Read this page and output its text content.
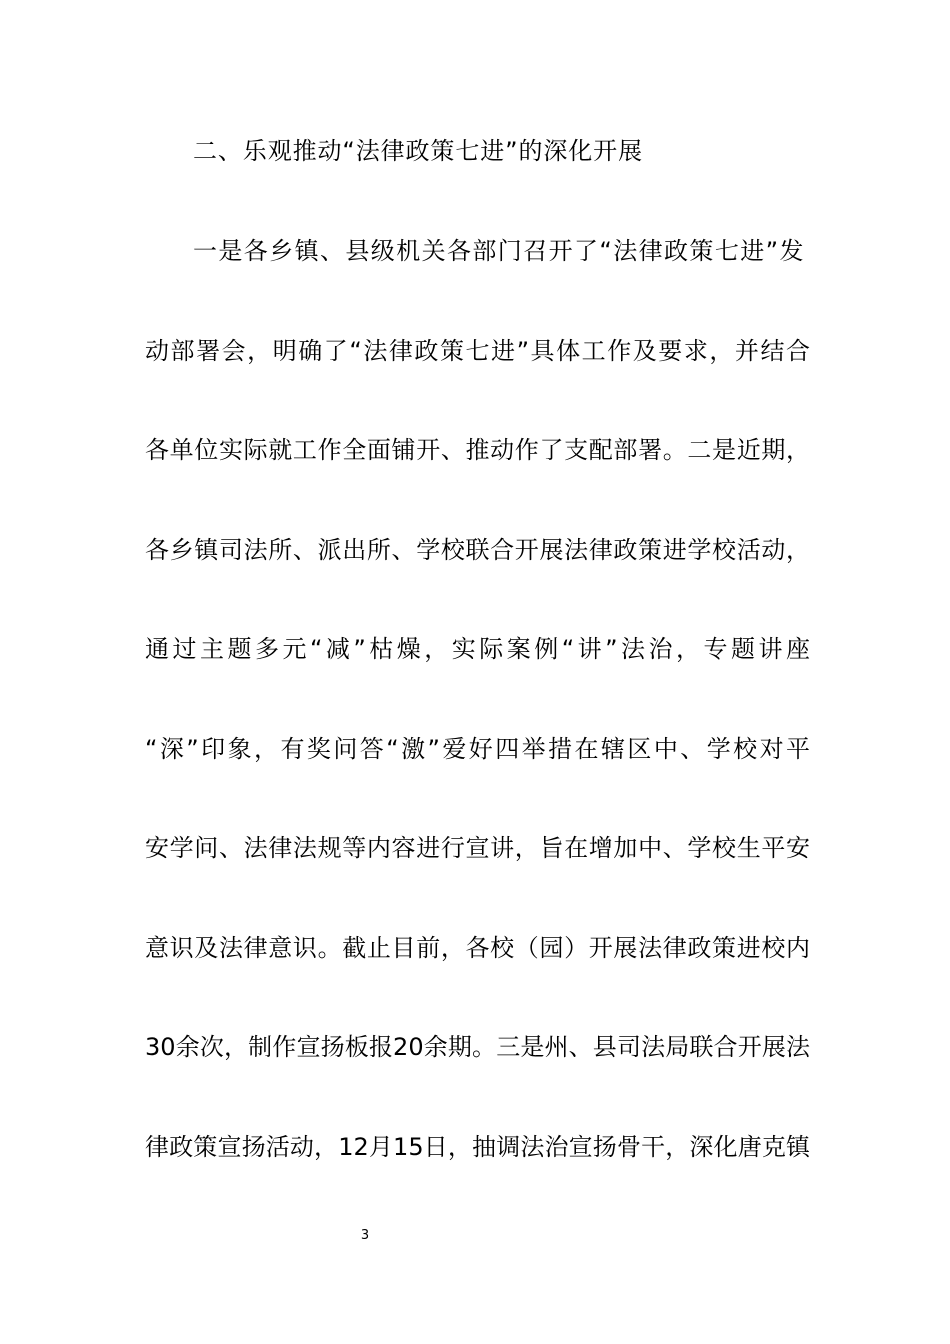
二、乐观推动“法律政策七进”的深化开展
一是各乡镇、县级机关各部门召开了“法律政策七进”发
动部署会，明确了“法律政策七进”具体工作及要求，并结合
各单位实际就工作全面铺开、推动作了支配部署。二是近期，
各乡镇司法所、派出所、学校联合开展法律政策进学校活动，
通过主题多元“减”枯燥，实际案例“讲”法治，专题讲座
“深”印象，有奖问答“激”爱好四举措在辖区中、学校对平
安学问、法律法规等内容进行宣讲，旨在增加中、学校生平安
意识及法律意识。截止目前，各校（园）开展法律政策进校内
30余次，制作宣扬板报20余期。三是州、县司法局联合开展法
律政策宣扬活动，12月15日，抽调法治宣扬骨干，深化唐克镇
3
